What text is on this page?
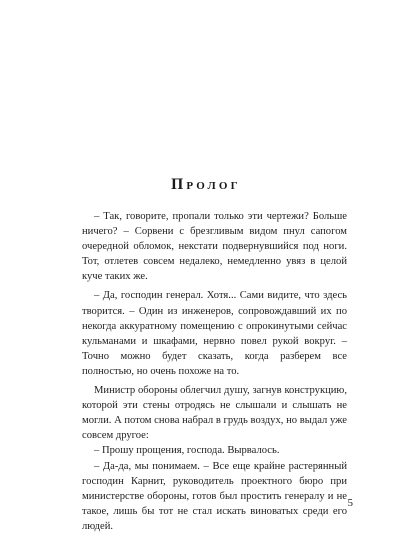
Пролог

– Так, говорите, пропали только эти чертежи? Больше ничего? – Сорвени с брезгливым видом пнул сапогом очередной обломок, некстати подвернувшийся под ноги. Тот, отлетев совсем недалеко, немедленно увяз в целой куче таких же.

– Да, господин генерал. Хотя... Сами видите, что здесь творится. – Один из инженеров, сопровождавший их по некогда аккуратному помещению с опрокинутыми сейчас кульманами и шкафами, нервно повел рукой вокруг. – Точно можно будет сказать, когда разберем все полностью, но очень похоже на то.

Министр обороны облегчил душу, загнув конструкцию, которой эти стены отродясь не слышали и слышать не могли. А потом снова набрал в грудь воздух, но выдал уже совсем другое:

– Прошу прощения, господа. Вырвалось.

– Да-да, мы понимаем. – Все еще крайне растерянный господин Карнит, руководитель проектного бюро при министерстве обороны, готов был простить генералу и не такое, лишь бы тот не стал искать виноватых среди его людей.

5
